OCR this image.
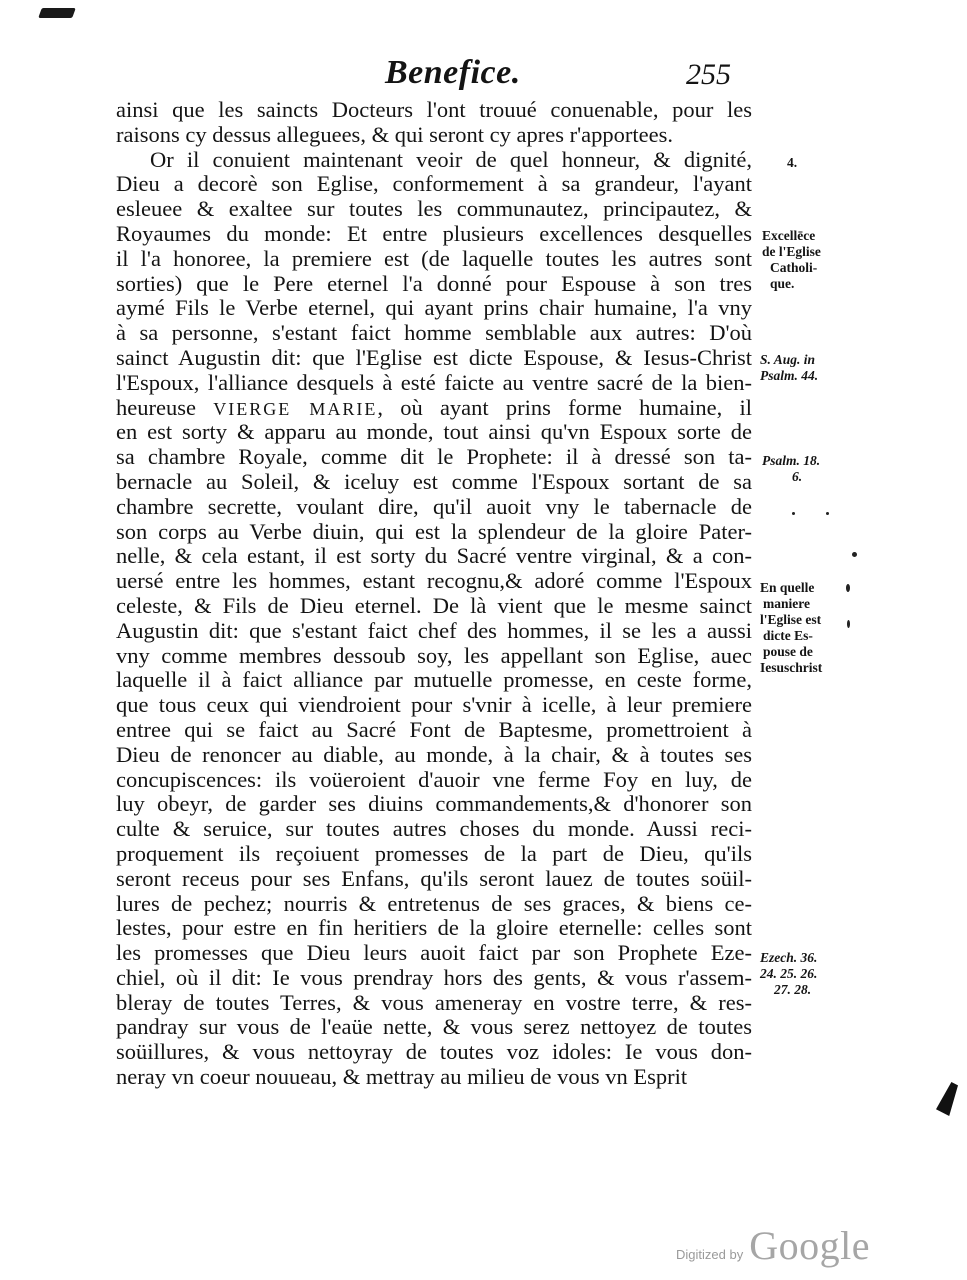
Benefice.	255
ainsi que les saincts Docteurs l'ont trouué conuenable, pour les
raisons cy dessus alleguees, & qui seront cy apres r'apportees.
Or il conuient maintenant veoir de quel honneur, & dignité,
Dieu a decorè son Eglise, conformement à sa grandeur, l'ayant
esleuee & exaltee sur toutes les communautez, principautez, &
Royaumes du monde: Et entre plusieurs excellences desquelles
il l'a honoree, la premiere est (de laquelle toutes les autres sont
sorties) que le Pere eternel l'a donné pour Espouse à son tres
aymé Fils le Verbe eternel, qui ayant prins chair humaine, l'a vny
à sa personne, s'estant faict homme semblable aux autres: D'où
sainct Augustin dit: que l'Eglise est dicte Espouse, & Iesus-Christ
l'Espoux, l'alliance desquels à esté faicte au ventre sacré de la bien-
heureuse VIERGE MARIE, où ayant prins forme humaine, il
en est sorty & apparu au monde, tout ainsi qu'vn Espoux sorte de
sa chambre Royale, comme dit le Prophete: il à dressé son ta-
bernacle au Soleil, & iceluy est comme l'Espoux sortant de sa
chambre secrette, voulant dire, qu'il auoit vny le tabernacle de
son corps au Verbe diuin, qui est la splendeur de la gloire Pater-
nelle, & cela estant, il est sorty du Sacré ventre virginal, & a con-
uersé entre les hommes, estant recognu,& adoré comme l'Espoux
celeste, & Fils de Dieu eternel. De là vient que le mesme sainct
Augustin dit: que s'estant faict chef des hommes, il se les a aussi
vny comme membres dessoub soy, les appellant son Eglise, auec
laquelle il à faict alliance par mutuelle promesse, en ceste forme,
que tous ceux qui viendroient pour s'vnir à icelle, à leur premiere
entree qui se faict au Sacré Font de Baptesme, promettroient à
Dieu de renoncer au diable, au monde, à la chair, & à toutes ses
concupiscences: ils voüeroient d'auoir vne ferme Foy en luy, de
luy obeyr, de garder ses diuins commandements,& d'honorer son
culte & seruice, sur toutes autres choses du monde. Aussi reci-
proquement ils reçoiuent promesses de la part de Dieu, qu'ils
seront receus pour ses Enfans, qu'ils seront lauez de toutes soüil-
lures de pechez; nourris & entretenus de ses graces, & biens ce-
lestes, pour estre en fin heritiers de la gloire eternelle: celles sont
les promesses que Dieu leurs auoit faict par son Prophete Eze-
chiel, où il dit: Ie vous prendray hors des gents, & vous r'assem-
bleray de toutes Terres, & vous ameneray en vostre terre, & res-
pandray sur vous de l'eaüe nette, & vous serez nettoyez de toutes
soüillures, & vous nettoyray de toutes voz idoles: Ie vous don-
neray vn coeur nouueau, & mettray au milieu de vous vn Esprit
4.
Excellēce
de l'Eglise
Catholi-
que.
S. Aug. in
Psalm. 44.
Psalm. 18.
6.
En quelle
maniere
l'Eglise est
dicte Es-
pouse de
Iesuschrist
Ezech. 36.
24. 25. 26.
27. 28.
Digitized by Google
